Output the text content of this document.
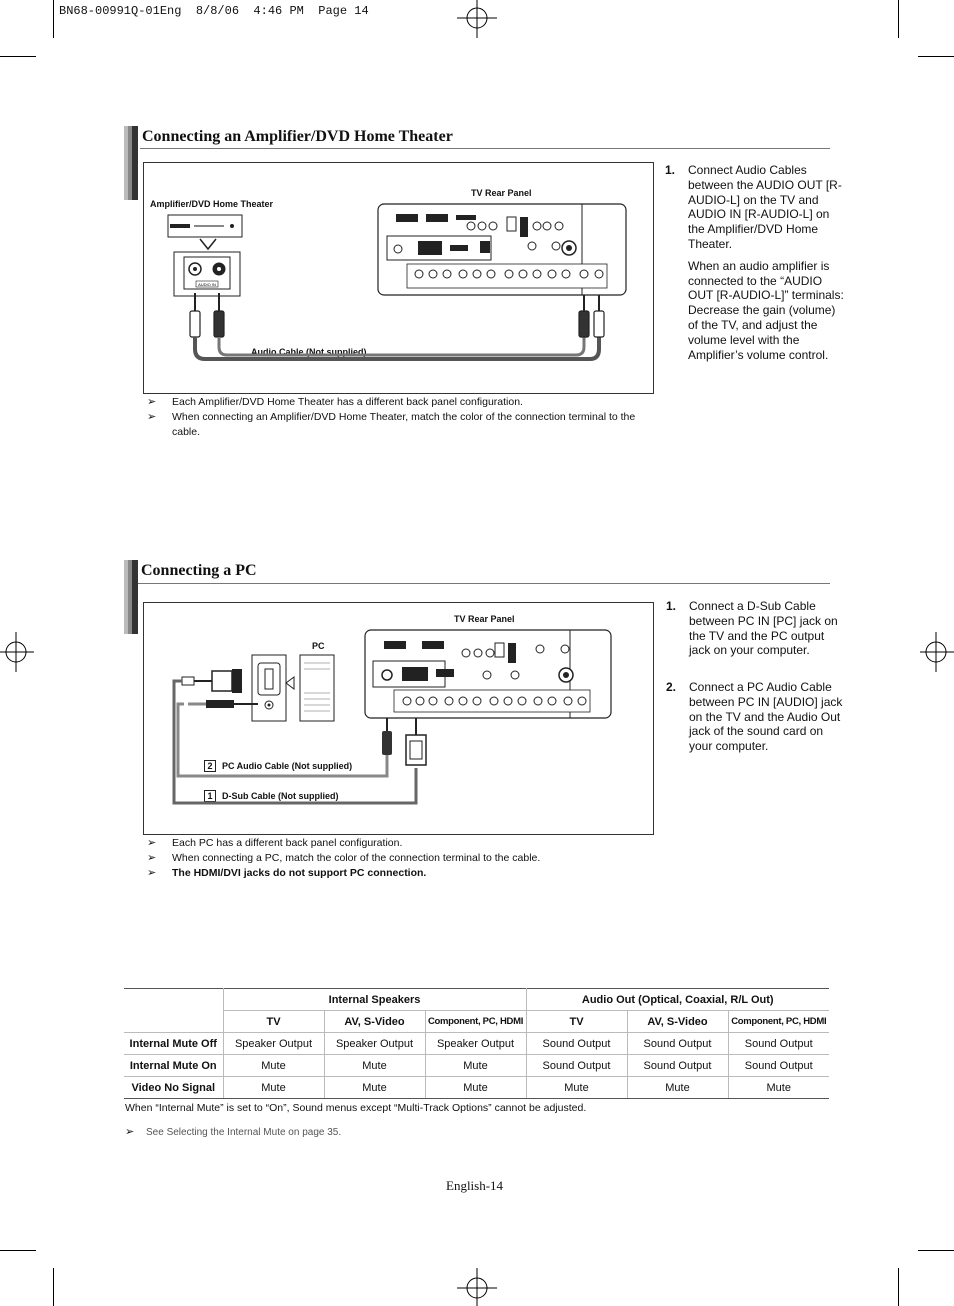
BN68-00991Q-01Eng  8/8/06  4:46 PM  Page 14
Connecting an Amplifier/DVD Home Theater
Amplifier/DVD Home Theater
TV Rear Panel
Audio Cable (Not supplied)
AUDIO IN
➢ Each Amplifier/DVD Home Theater has a different back panel configuration.
➢ When connecting an Amplifier/DVD Home Theater, match the color of the connection terminal to the cable.
1. Connect Audio Cables between the AUDIO OUT [R-AUDIO-L] on the TV and AUDIO IN [R-AUDIO-L] on the Amplifier/DVD Home Theater.
When an audio amplifier is connected to the “AUDIO OUT [R-AUDIO-L]” terminals: Decrease the gain (volume) of the TV, and adjust the volume level with the Amplifier’s volume control.
Connecting a PC
PC
TV Rear Panel
2 PC Audio Cable (Not supplied)
1 D-Sub Cable (Not supplied)
➢ Each PC has a different back panel configuration.
➢ When connecting a PC, match the color of the connection terminal to the cable.
➢ The HDMI/DVI jacks do not support PC connection.
1. Connect a D-Sub Cable between PC IN [PC] jack on the TV and the PC output jack on your computer.
2. Connect a PC Audio Cable between PC IN [AUDIO] jack on the TV and the Audio Out jack of the sound card on your computer.
	Internal Speakers			Audio Out (Optical, Coaxial, R/L Out)		
	TV	AV, S-Video	Component, PC, HDMI	TV	AV, S-Video	Component, PC, HDMI
Internal Mute Off	Speaker Output	Speaker Output	Speaker Output	Sound Output	Sound Output	Sound Output
Internal Mute On	Mute	Mute	Mute	Sound Output	Sound Output	Sound Output
Video No Signal	Mute	Mute	Mute	Mute	Mute	Mute
When “Internal Mute” is set to “On”, Sound menus except “Multi-Track Options” cannot be adjusted.
➢ See Selecting the Internal Mute on page 35.
English-14
